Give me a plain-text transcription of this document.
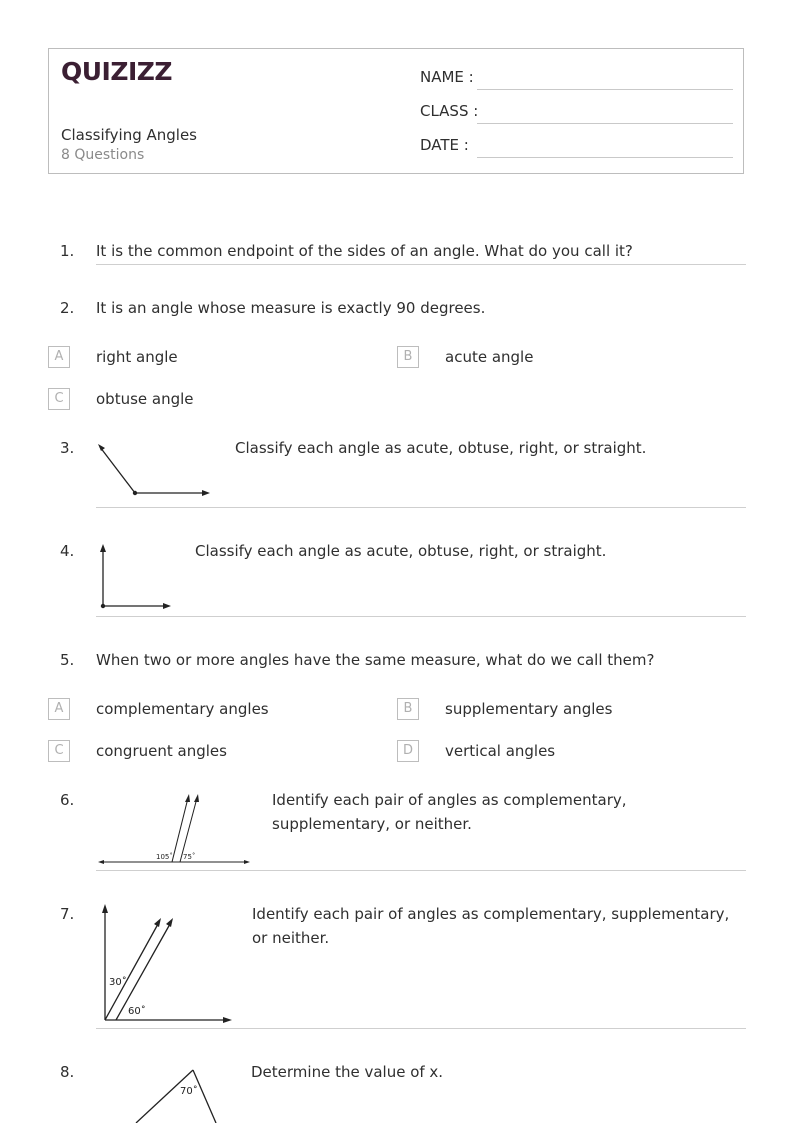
QUIZIZZ
Classifying Angles
8 Questions
NAME :
CLASS :
DATE :
1. It is the common endpoint of the sides of an angle. What do you call it?
2. It is an angle whose measure is exactly 90 degrees.
A	right angle	B	acute angle
C	obtuse angle
3.	Classify each angle as acute, obtuse, right, or straight.
4.	Classify each angle as acute, obtuse, right, or straight.
5. When two or more angles have the same measure, what do we call them?
A	complementary angles	B	supplementary angles
C	congruent angles	D	vertical angles
6.
105˚ 75˚
Identify each pair of angles as complementary, supplementary, or neither.
7.
30˚
60˚
Identify each pair of angles as complementary, supplementary, or neither.
8.
70˚
Determine the value of x.
